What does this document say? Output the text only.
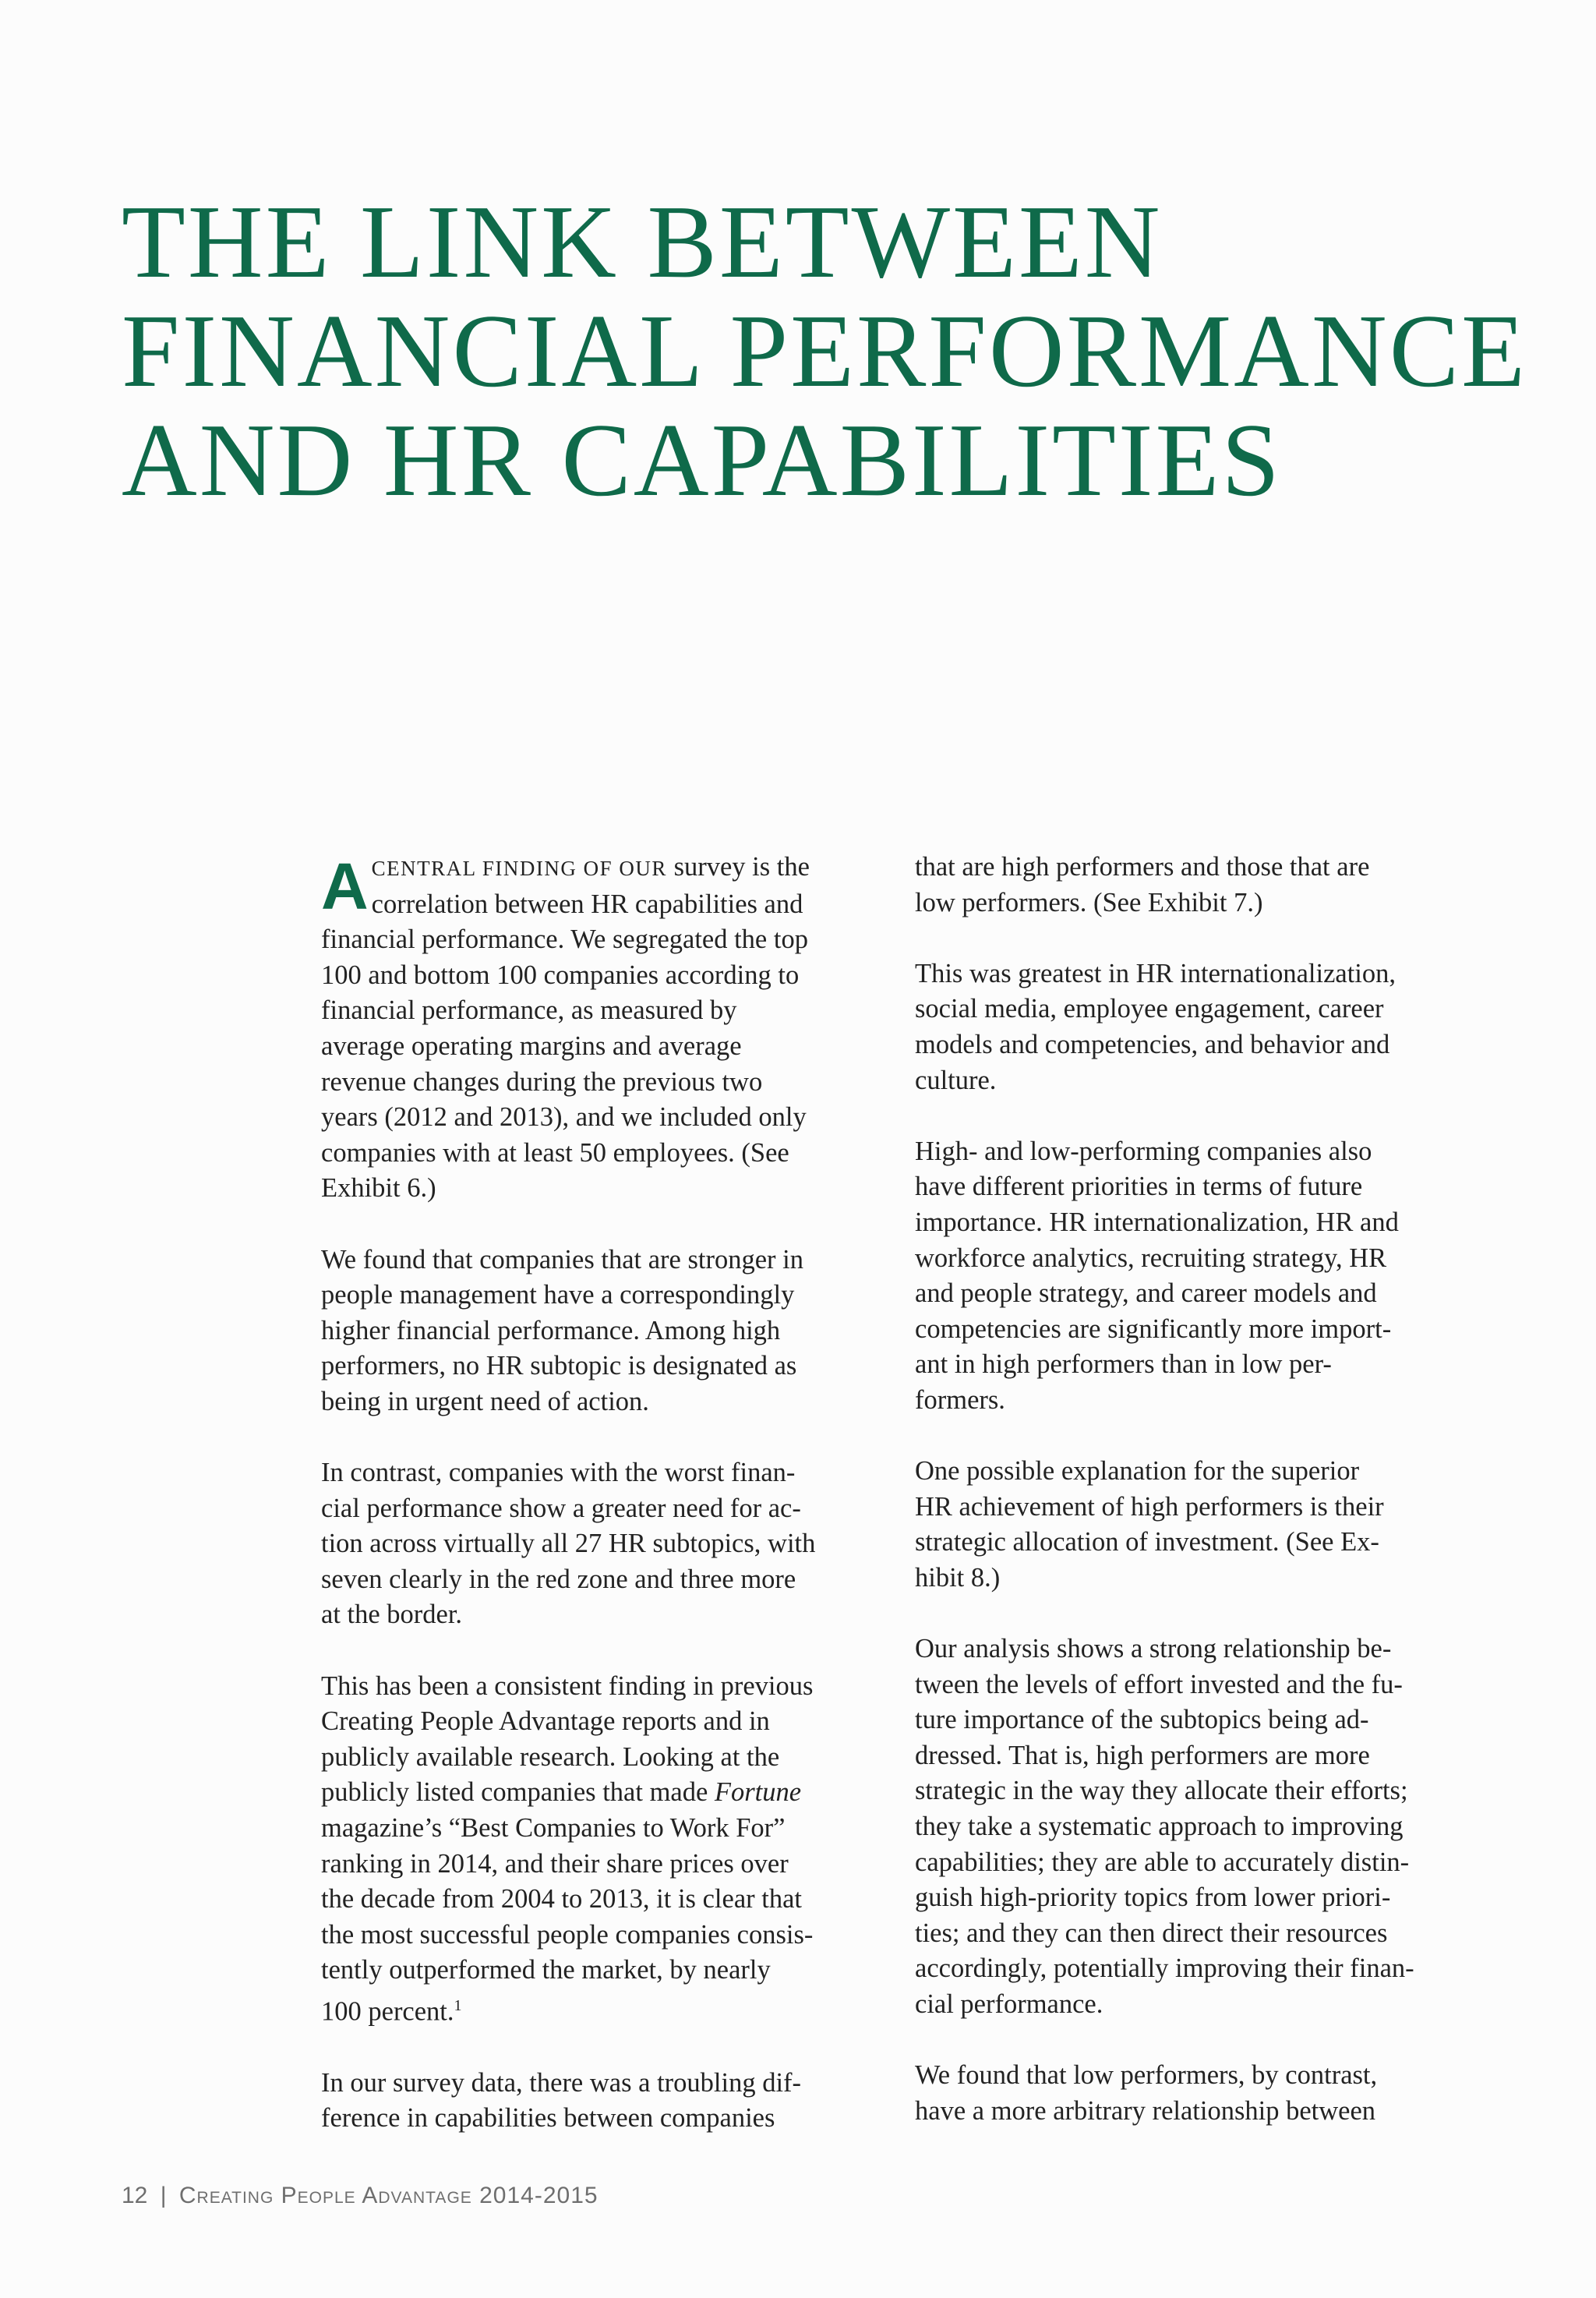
THE LINK BETWEEN
FINANCIAL PERFORMANCE
AND HR CAPABILITIES

A CENTRAL FINDING OF OUR survey is the
correlation between HR capabilities and
financial performance. We segregated the top
100 and bottom 100 companies according to
financial performance, as measured by
average operating margins and average
revenue changes during the previous two
years (2012 and 2013), and we included only
companies with at least 50 employees. (See
Exhibit 6.)

We found that companies that are stronger in
people management have a correspondingly
higher financial performance. Among high
performers, no HR subtopic is designated as
being in urgent need of action.

In contrast, companies with the worst finan-
cial performance show a greater need for ac-
tion across virtually all 27 HR subtopics, with
seven clearly in the red zone and three more
at the border.

This has been a consistent finding in previous
Creating People Advantage reports and in
publicly available research. Looking at the
publicly listed companies that made Fortune
magazine’s “Best Companies to Work For”
ranking in 2014, and their share prices over
the decade from 2004 to 2013, it is clear that
the most successful people companies consis-
tently outperformed the market, by nearly
100 percent.$^1$

In our survey data, there was a troubling dif-
ference in capabilities between companies

that are high performers and those that are
low performers. (See Exhibit 7.)

This was greatest in HR internationalization,
social media, employee engagement, career
models and competencies, and behavior and
culture.

High- and low-performing companies also
have different priorities in terms of future
importance. HR internationalization, HR and
workforce analytics, recruiting strategy, HR
and people strategy, and career models and
competencies are significantly more import-
ant in high performers than in low per-
formers.

One possible explanation for the superior
HR achievement of high performers is their
strategic allocation of investment. (See Ex-
hibit 8.)

Our analysis shows a strong relationship be-
tween the levels of effort invested and the fu-
ture importance of the subtopics being ad-
dressed. That is, high performers are more
strategic in the way they allocate their efforts;
they take a systematic approach to improving
capabilities; they are able to accurately distin-
guish high-priority topics from lower priori-
ties; and they can then direct their resources
accordingly, potentially improving their finan-
cial performance.

We found that low performers, by contrast,
have a more arbitrary relationship between

12 | Creating People Advantage 2014-2015
